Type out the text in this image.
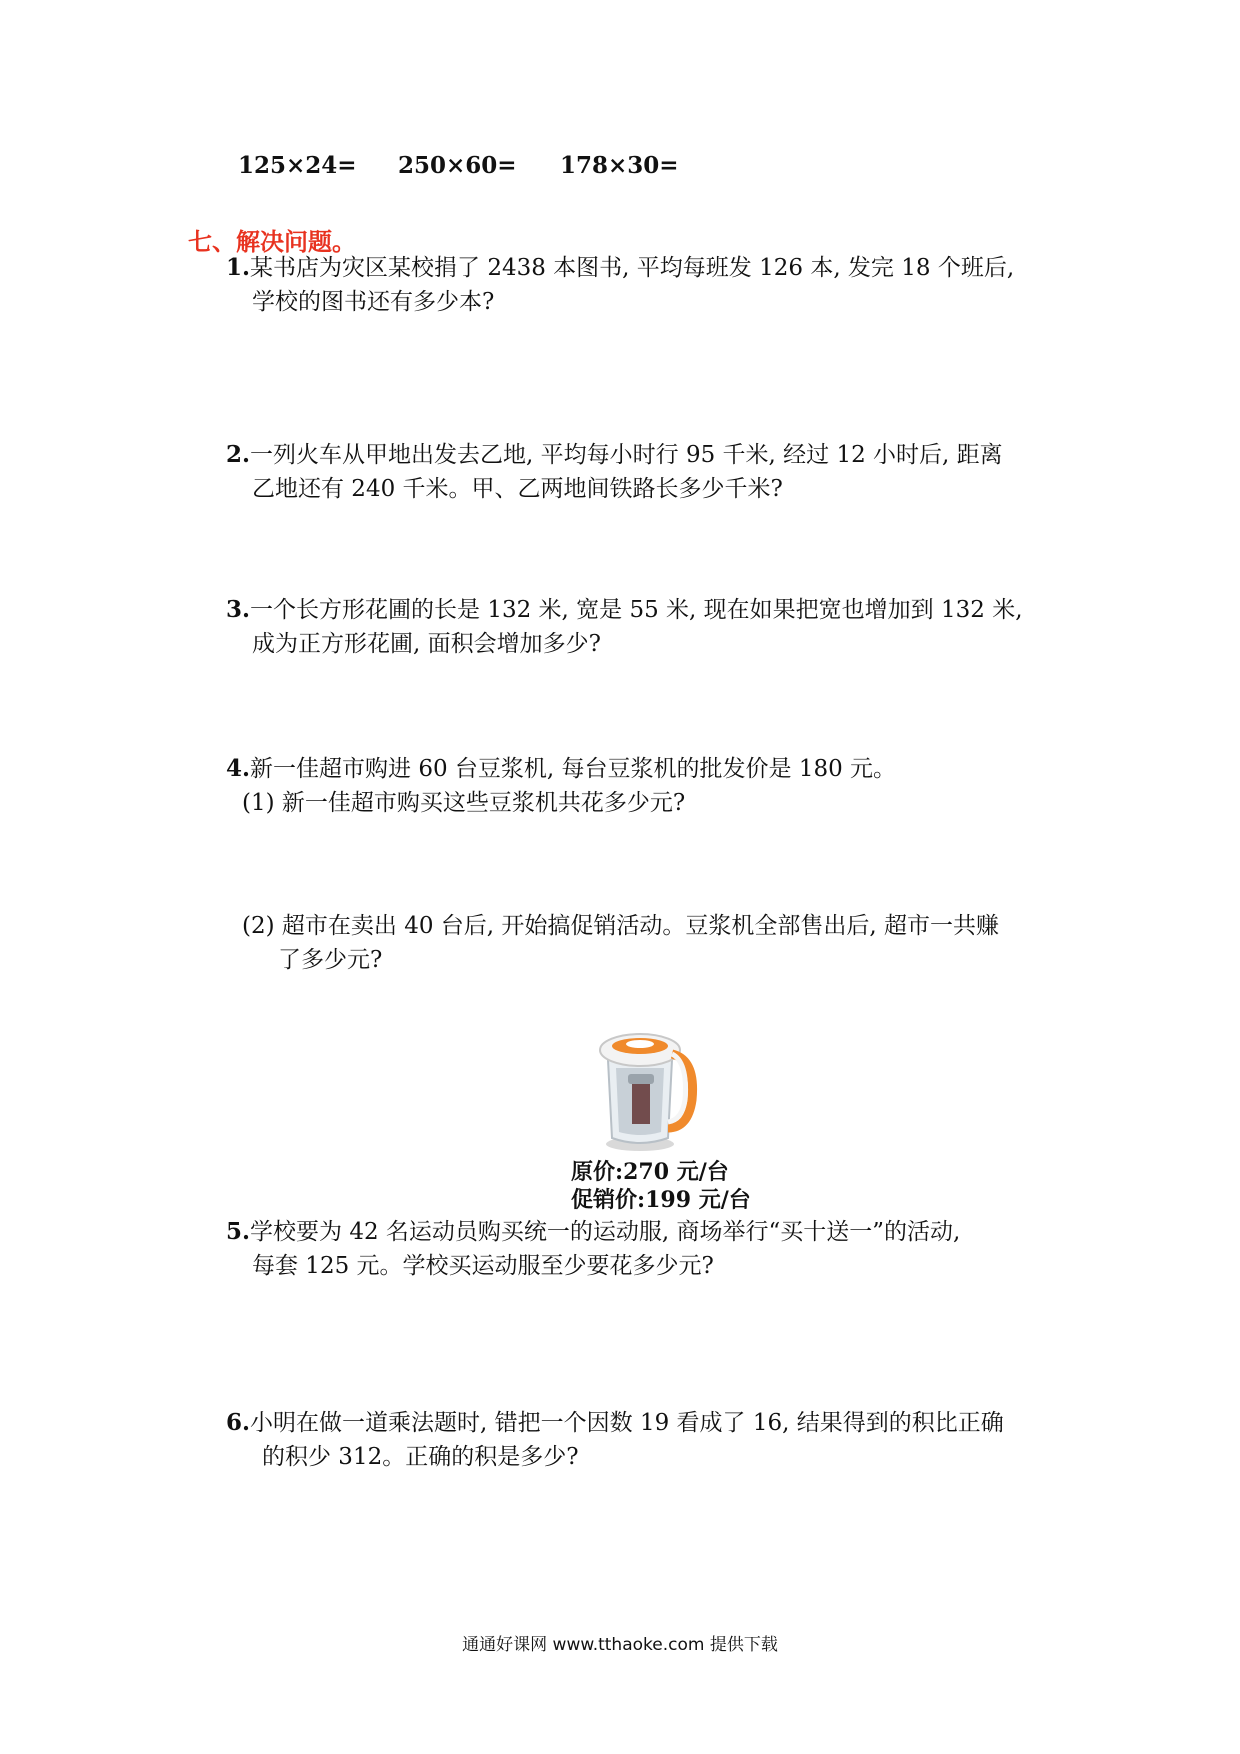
125×24= 250×60= 178×30=
七、解决问题。
1.某书店为灾区某校捐了 2438 本图书, 平均每班发 126 本, 发完 18 个班后,
学校的图书还有多少本?
2.一列火车从甲地出发去乙地, 平均每小时行 95 千米, 经过 12 小时后, 距离
乙地还有 240 千米。甲、乙两地间铁路长多少千米?
3.一个长方形花圃的长是 132 米, 宽是 55 米, 现在如果把宽也增加到 132 米,
成为正方形花圃, 面积会增加多少?
4.新一佳超市购进 60 台豆浆机, 每台豆浆机的批发价是 180 元。
(1) 新一佳超市购买这些豆浆机共花多少元?
(2) 超市在卖出 40 台后, 开始搞促销活动。豆浆机全部售出后, 超市一共赚
了多少元?
原价:270 元/台
促销价:199 元/台
5.学校要为 42 名运动员购买统一的运动服, 商场举行“买十送一”的活动,
每套 125 元。学校买运动服至少要花多少元?
6.小明在做一道乘法题时, 错把一个因数 19 看成了 16, 结果得到的积比正确
的积少 312。正确的积是多少?
通通好课网 www.tthaoke.com 提供下载
